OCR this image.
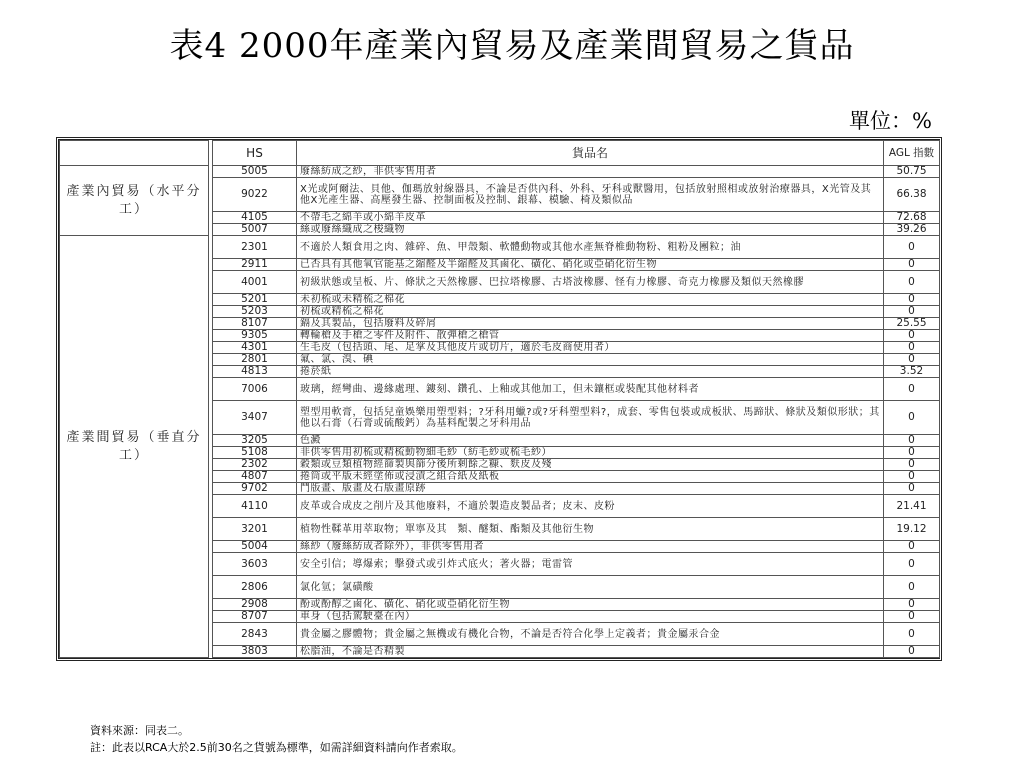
表4 2000年產業內貿易及產業間貿易之貨品
單位：%
		HS	貨品名	AGL 指數
產業內貿易（水平分工）		5005	廢絲紡成之紗，非供零售用者	50.75
		9022	X光或阿爾法、貝他、伽瑪放射線器具，不論是否供內科、外科、牙科或獸醫用，包括放射照相或放射治療器具，X光管及其他X光產生器、高壓發生器、控制面板及控制、銀幕、模驗、椅及類似品	66.38
		4105	不帶毛之綿羊或小綿羊皮革	72.68
		5007	絲或廢絲織成之梭織物	39.26
產業間貿易（垂直分工）		2301	不適於人類食用之肉、雜碎、魚、甲殼類、軟體動物或其他水產無脊椎動物粉、粗粉及團粒；油	0
		2911	已否具有其他氧官能基之縮醛及半縮醛及其鹵化、磺化、硝化或亞硝化衍生物	0
		4001	初級狀態或呈板、片、條狀之天然橡膠、巴拉塔橡膠、古塔波橡膠、怪有力橡膠、奇克力橡膠及類似天然橡膠	0
		5201	未初梳或未精梳之棉花	0
		5203	初梳或精梳之棉花	0
		8107	鎘及其製品，包括廢料及碎屑	25.55
		9305	轉輪槍及手槍之零件及附件、散彈槍之槍管	0
		4301	生毛皮（包括頭、尾、足掌及其他皮片或切片，適於毛皮商使用者）	0
		2801	氟、氯、溴、碘	0
		4813	捲菸紙	3.52
		7006	玻璃，經彎曲、邊緣處理、鏤刻、鑽孔、上釉或其他加工，但未鑲框或裝配其他材料者	0
		3407	塑型用軟膏，包括兒童娛樂用塑型料；?牙科用蠟?或?牙科塑型料?，成套、零售包裝或成板狀、馬蹄狀、條狀及類似形狀；其他以石膏（石膏或硫酸鈣）為基料配製之牙科用品	0
		3205	色澱	0
		5108	非供零售用初梳或精梳動物細毛紗（紡毛紗或梳毛紗）	0
		2302	穀類或豆類植物經篩製與篩分後所剩餘之糠、麩皮及殘	0
		4807	捲筒或平版未經塗佈或浸漬之組合紙及紙板	0
		9702	鬥版畫、版畫及石版畫原跡	0
		4110	皮革或合成皮之削片及其他廢料，不適於製造皮製品者；皮末、皮粉	21.41
		3201	植物性鞣革用萃取物；單寧及其　類、醚類、酯類及其他衍生物	19.12
		5004	絲紗（廢絲紡成者除外），非供零售用者	0
		3603	安全引信；導爆索；擊發式或引炸式底火；著火器；電雷管	0
		2806	氯化氫；氯磺酸	0
		2908	酚或酚醇之鹵化、磺化、硝化或亞硝化衍生物	0
		8707	車身（包括駕駛臺在內）	0
		2843	貴金屬之膠體物；貴金屬之無機或有機化合物，不論是否符合化學上定義者；貴金屬汞合金	0
		3803	松脂油，不論是否精製	0
資料來源：同表二。
註：此表以RCA大於2.5前30名之貨號為標準，如需詳細資料請向作者索取。
